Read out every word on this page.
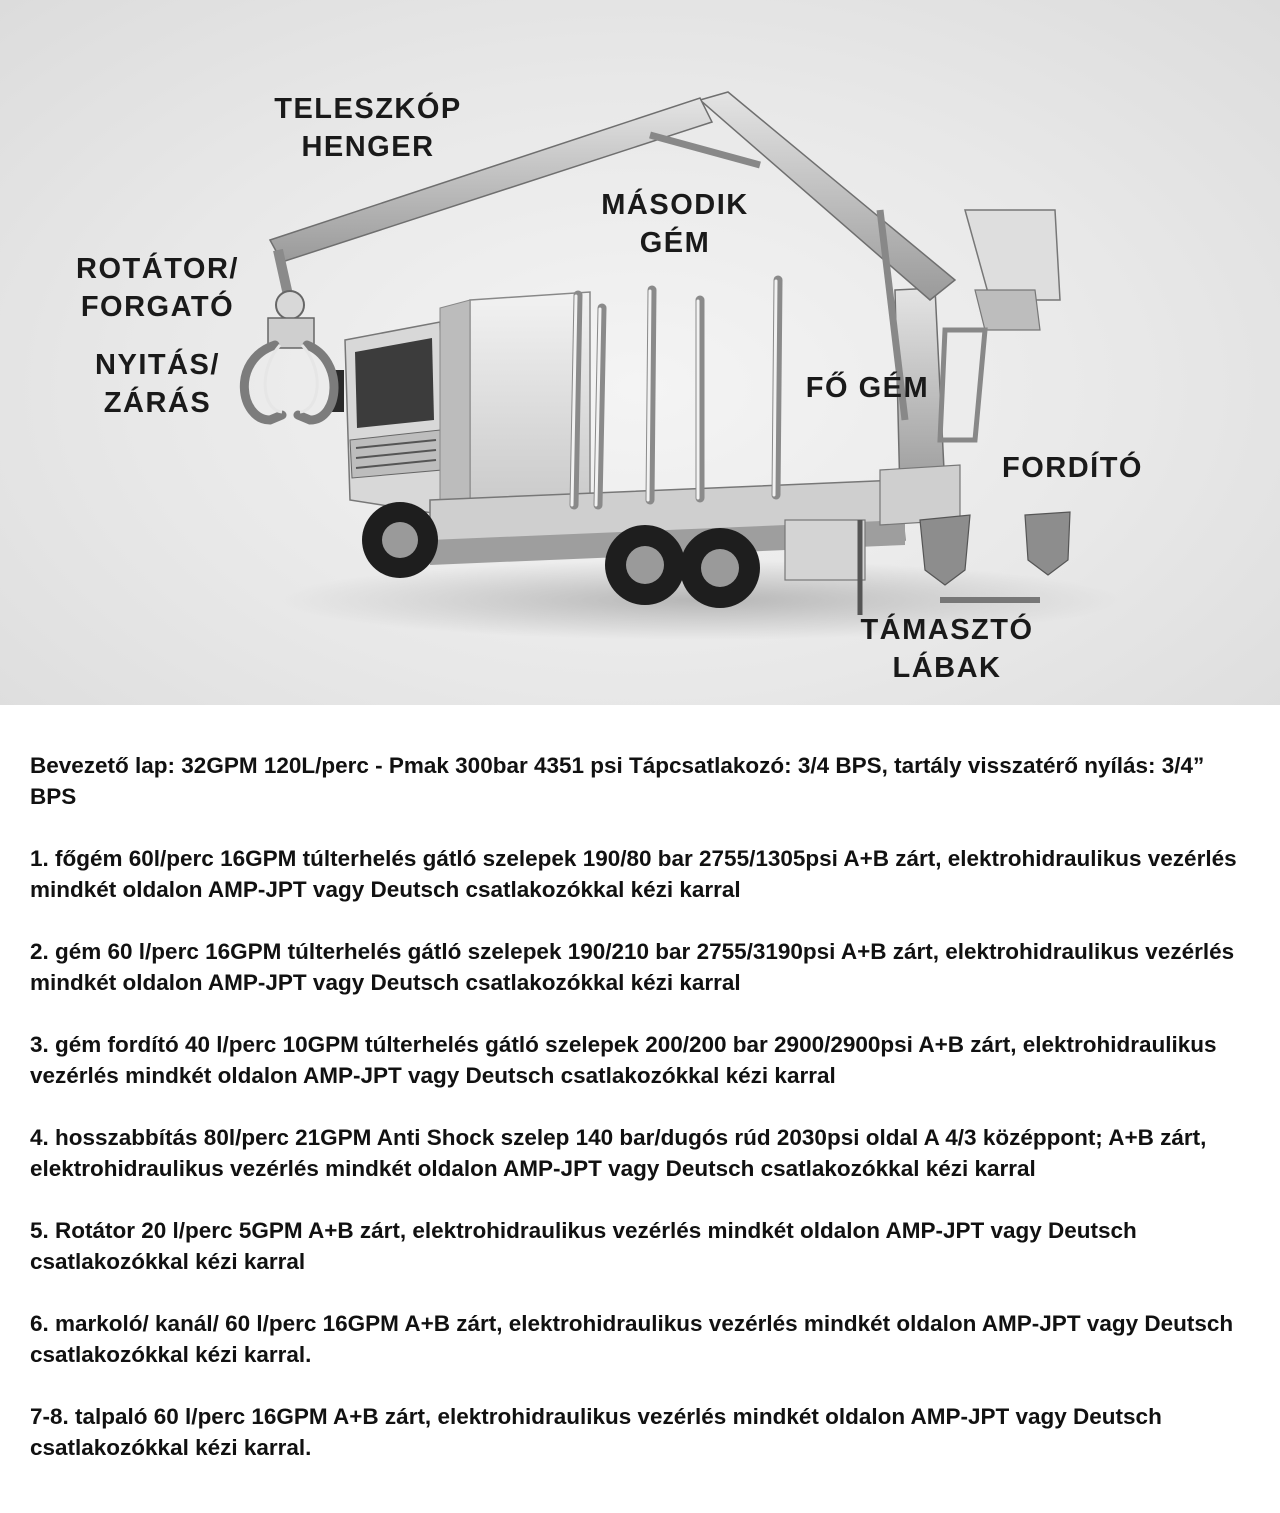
TELESZKÓP
HENGER
MÁSODIK
GÉM
ROTÁTOR/
FORGATÓ
NYITÁS/
ZÁRÁS	FŐ GÉM
FORDÍTÓ
TÁMASZTÓ
LÁBAK

Bevezető lap: 32GPM 120L/perc - Pmak 300bar 4351 psi Tápcsatlakozó: 3/4 BPS, tartály visszatérő nyílás: 3/4” BPS

1. főgém 60l/perc 16GPM túlterhelés gátló szelepek 190/80 bar 2755/1305psi A+B zárt, elektrohidraulikus vezérlés mindkét oldalon AMP-JPT vagy Deutsch csatlakozókkal kézi karral

2. gém 60 l/perc 16GPM túlterhelés gátló szelepek 190/210 bar 2755/3190psi A+B zárt, elektrohidraulikus vezérlés mindkét oldalon AMP-JPT vagy Deutsch csatlakozókkal kézi karral

3. gém fordító 40 l/perc 10GPM túlterhelés gátló szelepek 200/200 bar 2900/2900psi A+B zárt, elektrohidraulikus vezérlés mindkét oldalon AMP-JPT vagy Deutsch csatlakozókkal kézi karral

4. hosszabbítás 80l/perc 21GPM Anti Shock szelep 140 bar/dugós rúd 2030psi oldal A 4/3 középpont; A+B zárt, elektrohidraulikus vezérlés mindkét oldalon AMP-JPT vagy Deutsch csatlakozókkal kézi karral

5. Rotátor 20 l/perc 5GPM A+B zárt, elektrohidraulikus vezérlés mindkét oldalon AMP-JPT vagy Deutsch csatlakozókkal kézi karral

6. markoló/ kanál/ 60 l/perc 16GPM A+B zárt, elektrohidraulikus vezérlés mindkét oldalon AMP-JPT vagy Deutsch csatlakozókkal kézi karral.

7-8. talpaló 60 l/perc 16GPM A+B zárt, elektrohidraulikus vezérlés mindkét oldalon AMP-JPT vagy Deutsch csatlakozókkal kézi karral.
